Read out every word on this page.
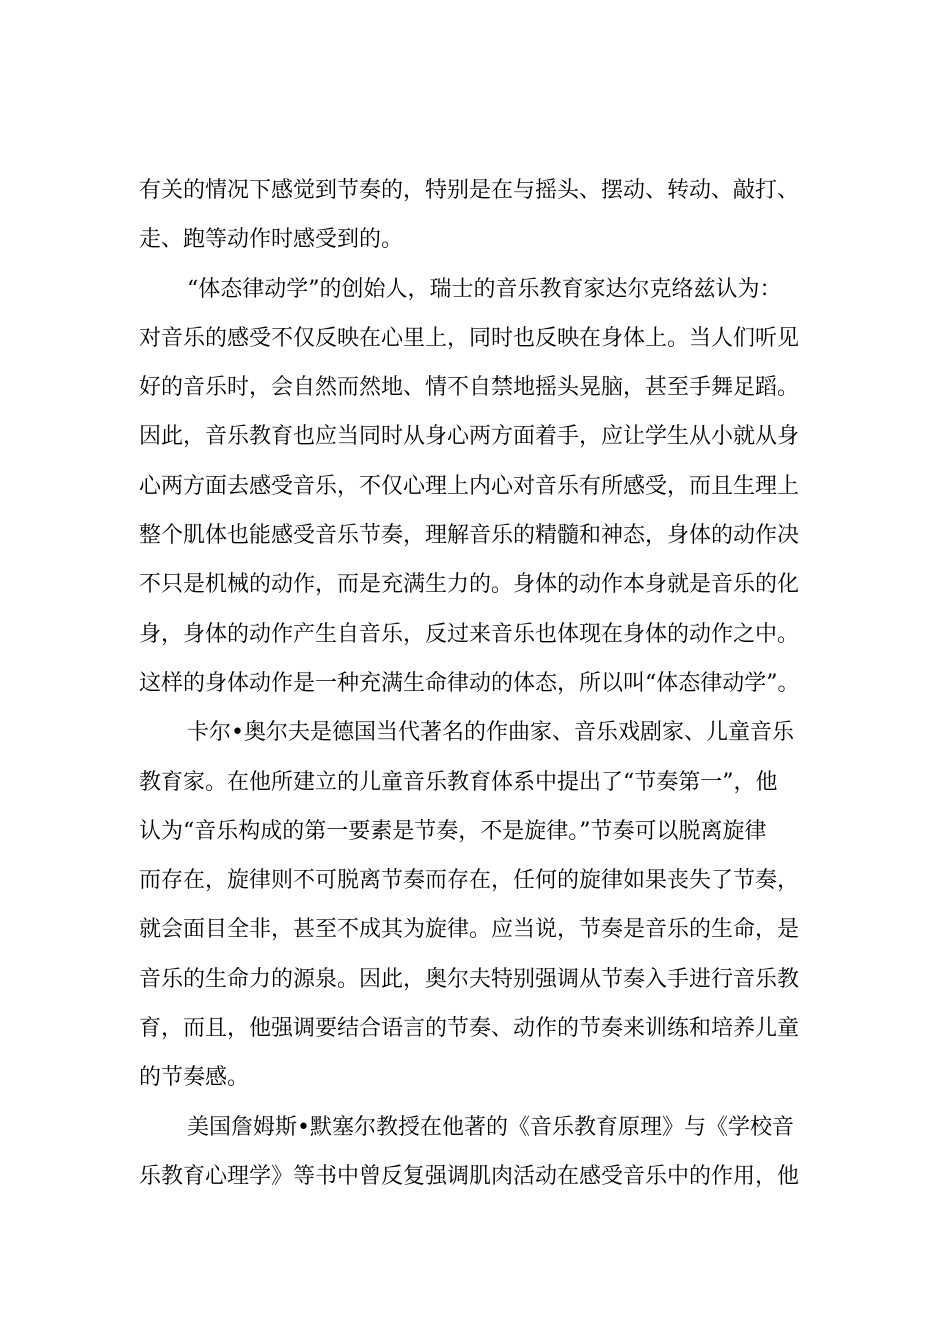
有关的情况下感觉到节奏的，特别是在与摇头、摆动、转动、敲打、
走、跑等动作时感受到的。
“体态律动学”的创始人，瑞士的音乐教育家达尔克络兹认为：
对音乐的感受不仅反映在心里上，同时也反映在身体上。当人们听见
好的音乐时，会自然而然地、情不自禁地摇头晃脑，甚至手舞足蹈。
因此，音乐教育也应当同时从身心两方面着手，应让学生从小就从身
心两方面去感受音乐，不仅心理上内心对音乐有所感受，而且生理上
整个肌体也能感受音乐节奏，理解音乐的精髓和神态，身体的动作决
不只是机械的动作，而是充满生力的。身体的动作本身就是音乐的化
身，身体的动作产生自音乐，反过来音乐也体现在身体的动作之中。
这样的身体动作是一种充满生命律动的体态，所以叫“体态律动学”。
卡尔•奥尔夫是德国当代著名的作曲家、音乐戏剧家、儿童音乐
教育家。在他所建立的儿童音乐教育体系中提出了“节奏第一”，他
认为“音乐构成的第一要素是节奏，不是旋律。”节奏可以脱离旋律
而存在，旋律则不可脱离节奏而存在，任何的旋律如果丧失了节奏，
就会面目全非，甚至不成其为旋律。应当说，节奏是音乐的生命，是
音乐的生命力的源泉。因此，奥尔夫特别强调从节奏入手进行音乐教
育，而且，他强调要结合语言的节奏、动作的节奏来训练和培养儿童
的节奏感。
美国詹姆斯•默塞尔教授在他著的《音乐教育原理》与《学校音
乐教育心理学》等书中曾反复强调肌肉活动在感受音乐中的作用，他
